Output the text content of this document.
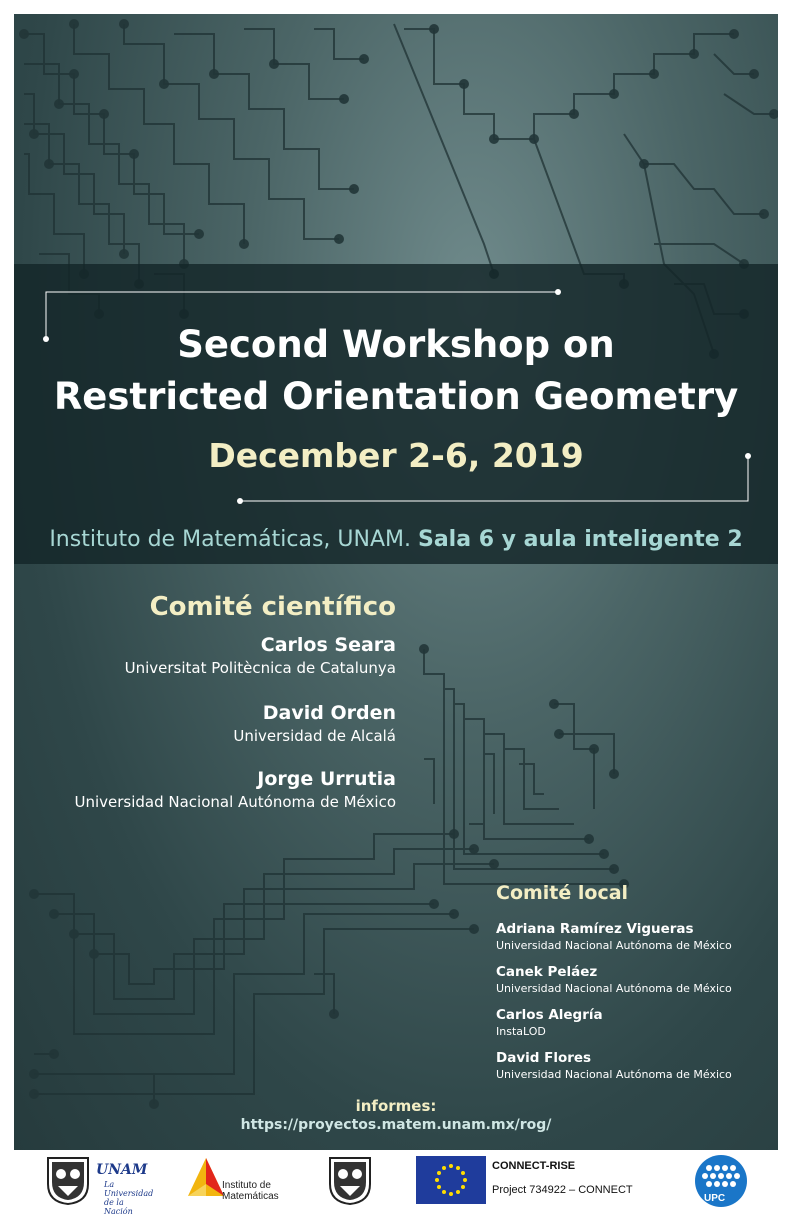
Second Workshop on
Restricted Orientation Geometry
December 2-6, 2019
Instituto de Matemáticas, UNAM. Sala 6 y aula inteligente 2
Comité científico
Carlos Seara
Universitat Politècnica de Catalunya
David Orden
Universidad de Alcalá
Jorge Urrutia
Universidad Nacional Autónoma de México
Comité local
Adriana Ramírez Vigueras
Universidad Nacional Autónoma de México
Canek Peláez
Universidad Nacional Autónoma de México
Carlos Alegría
InstaLOD
David Flores
Universidad Nacional Autónoma de México
informes:
https://proyectos.matem.unam.mx/rog/
UNAM
La Universidad de la Nación
Instituto de
Matemáticas
CONNECT-RISE
Project 734922 – CONNECT
UPC
